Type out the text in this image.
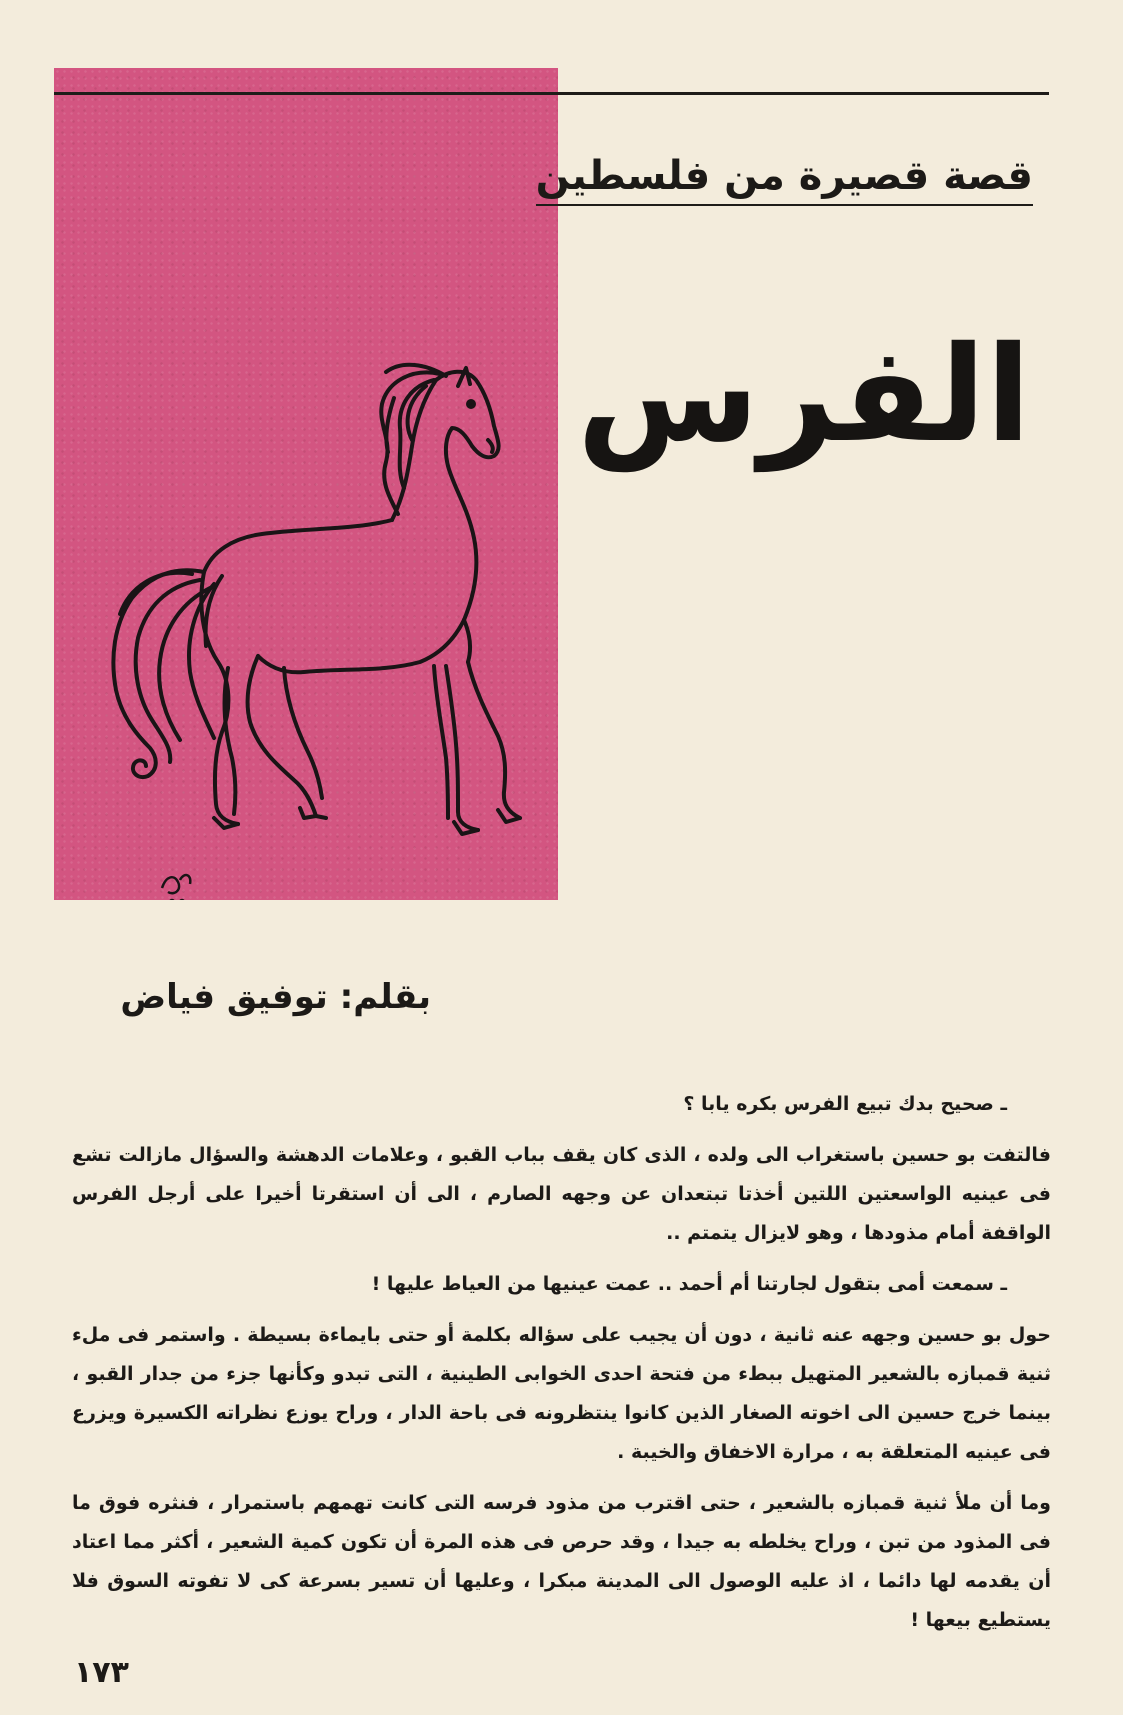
قصة قصيرة من فلسطين
الفرس
بقلم: توفيق فياض

ـ صحيح بدك تبيع الفرس بكره يابا ؟

فالتفت بو حسين باستغراب الى ولده ، الذى كان يقف بباب القبو ، وعلامات الدهشة والسؤال مازالت تشع فى عينيه الواسعتين اللتين أخذتا تبتعدان عن وجهه الصارم ، الى أن استقرتا أخيرا على أرجل الفرس الواقفة أمام مذودها ، وهو لايزال يتمتم ..

ـ سمعت أمى بتقول لجارتنا أم أحمد .. عمت عينيها من العياط عليها !

حول بو حسين وجهه عنه ثانية ، دون أن يجيب على سؤاله بكلمة أو حتى بايماءة بسيطة . واستمر فى ملء ثنية قمبازه بالشعير المتهيل ببطء من فتحة احدى الخوابى الطينية ، التى تبدو وكأنها جزء من جدار القبو ، بينما خرج حسين الى اخوته الصغار الذين كانوا ينتظرونه فى باحة الدار ، وراح يوزع نظراته الكسيرة ويزرع فى عينيه المتعلقة به ، مرارة الاخفاق والخيبة .

وما أن ملأ ثنية قمبازه بالشعير ، حتى اقترب من مذود فرسه التى كانت تهمهم باستمرار ، فنثره فوق ما فى المذود من تبن ، وراح يخلطه به جيدا ، وقد حرص فى هذه المرة أن تكون كمية الشعير ، أكثر مما اعتاد أن يقدمه لها دائما ، اذ عليه الوصول الى المدينة مبكرا ، وعليها أن تسير بسرعة كى لا تفوته السوق فلا يستطيع بيعها !

١٧٣
